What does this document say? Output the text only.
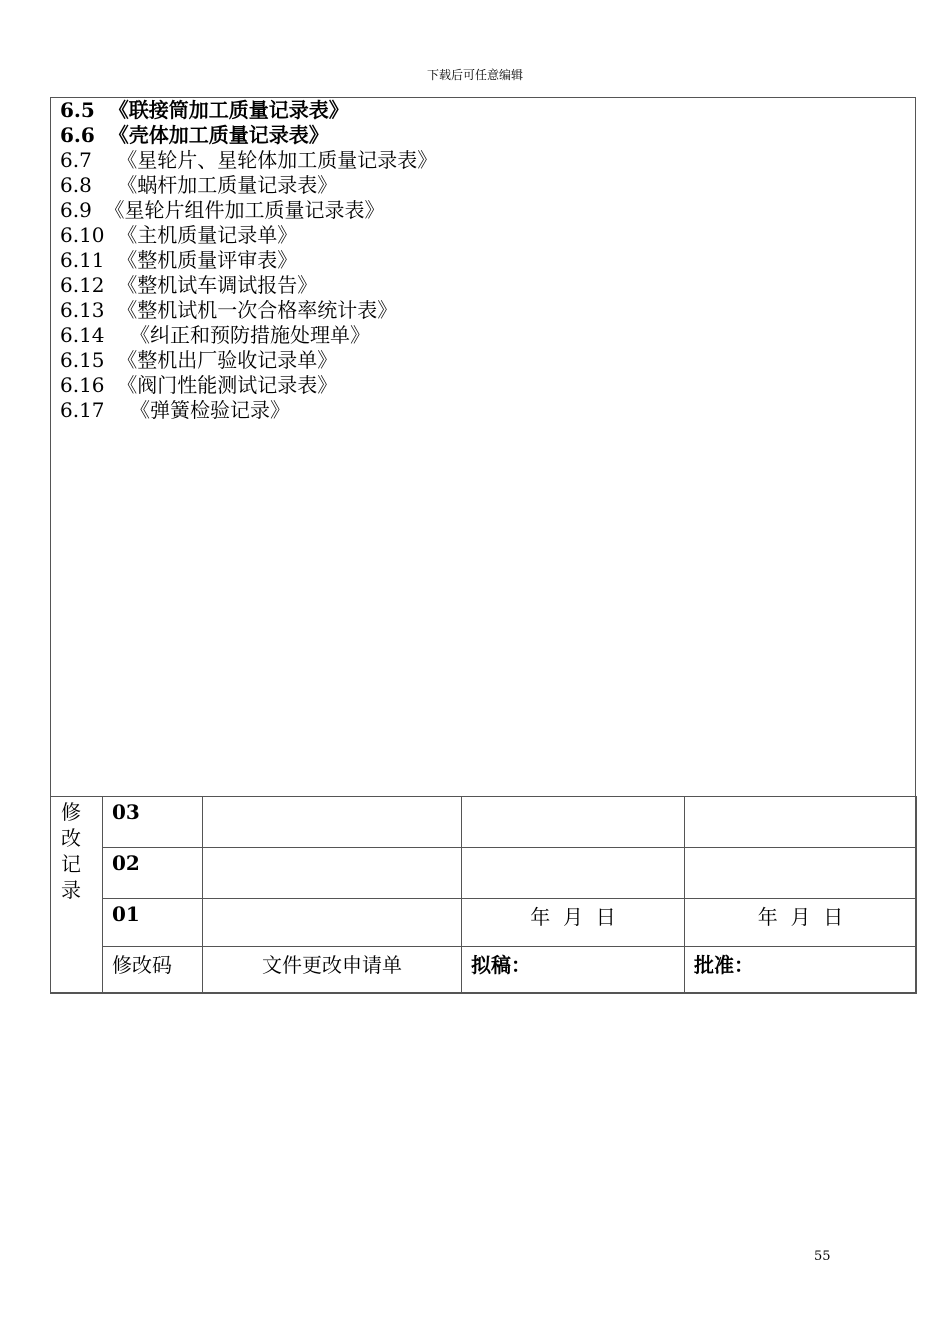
下载后可任意编辑
6.5  《联接筒加工质量记录表》
6.6  《壳体加工质量记录表》
6.7    《星轮片、星轮体加工质量记录表》
6.8    《蜗杆加工质量记录表》
6.9  《星轮片组件加工质量记录表》
6.10  《主机质量记录单》
6.11  《整机质量评审表》
6.12  《整机试车调试报告》
6.13  《整机试机一次合格率统计表》
6.14    《纠正和预防措施处理单》
6.15  《整机出厂验收记录单》
6.16  《阀门性能测试记录表》
6.17    《弹簧检验记录》
修
改
记
录	03			
	02			
	01		年  月  日	年  月  日
	修改码	文件更改申请单	拟稿：	批准：
55
